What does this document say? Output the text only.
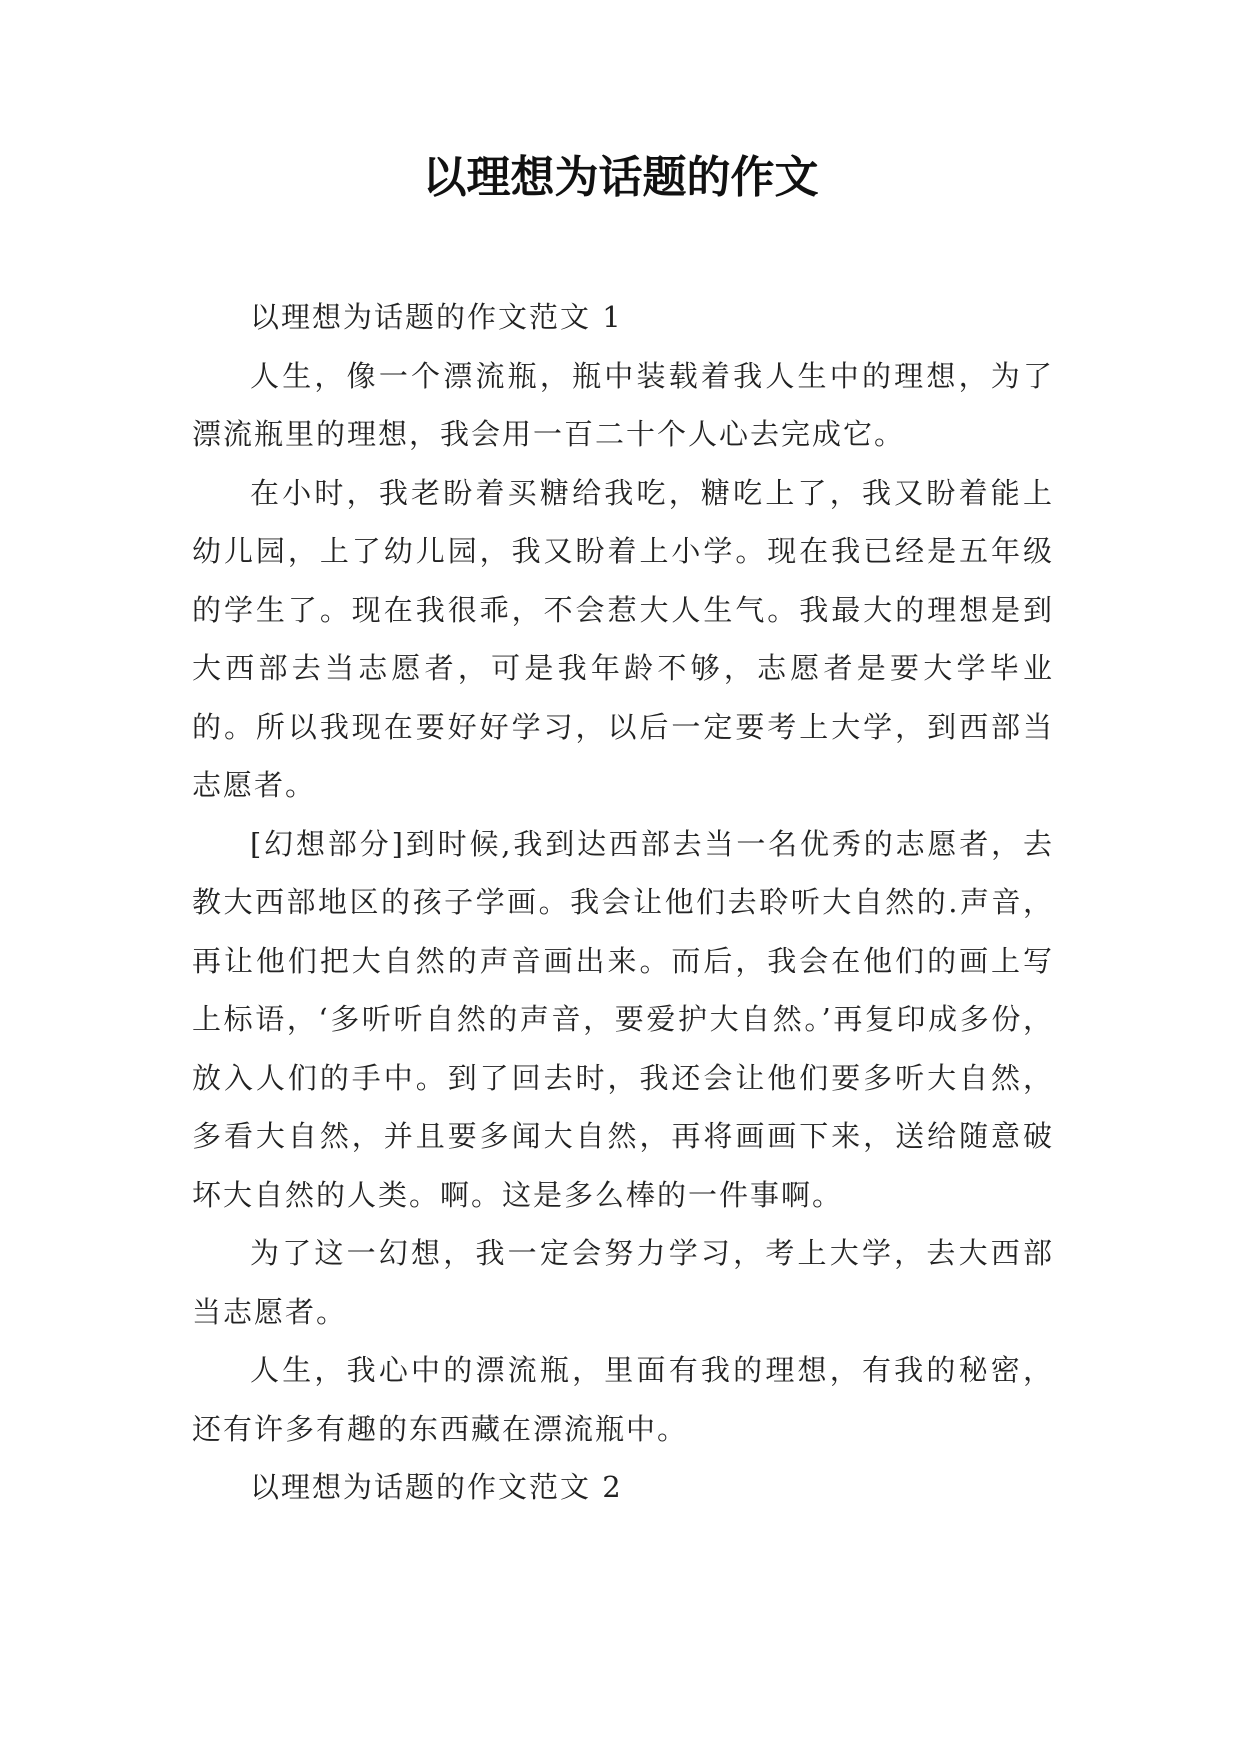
以理想为话题的作文

以理想为话题的作文范文 1

人生，像一个漂流瓶，瓶中装载着我人生中的理想，为了漂流瓶里的理想，我会用一百二十个人心去完成它。

在小时，我老盼着买糖给我吃，糖吃上了，我又盼着能上幼儿园，上了幼儿园，我又盼着上小学。现在我已经是五年级的学生了。现在我很乖，不会惹大人生气。我最大的理想是到大西部去当志愿者，可是我年龄不够，志愿者是要大学毕业的。所以我现在要好好学习，以后一定要考上大学，到西部当志愿者。

[幻想部分]到时候,我到达西部去当一名优秀的志愿者，去教大西部地区的孩子学画。我会让他们去聆听大自然的.声音，再让他们把大自然的声音画出来。而后，我会在他们的画上写上标语，‘多听听自然的声音，要爱护大自然。’再复印成多份，放入人们的手中。到了回去时，我还会让他们要多听大自然，多看大自然，并且要多闻大自然，再将画画下来，送给随意破坏大自然的人类。啊。这是多么棒的一件事啊。

为了这一幻想，我一定会努力学习，考上大学，去大西部当志愿者。

人生，我心中的漂流瓶，里面有我的理想，有我的秘密，还有许多有趣的东西藏在漂流瓶中。

以理想为话题的作文范文 2
